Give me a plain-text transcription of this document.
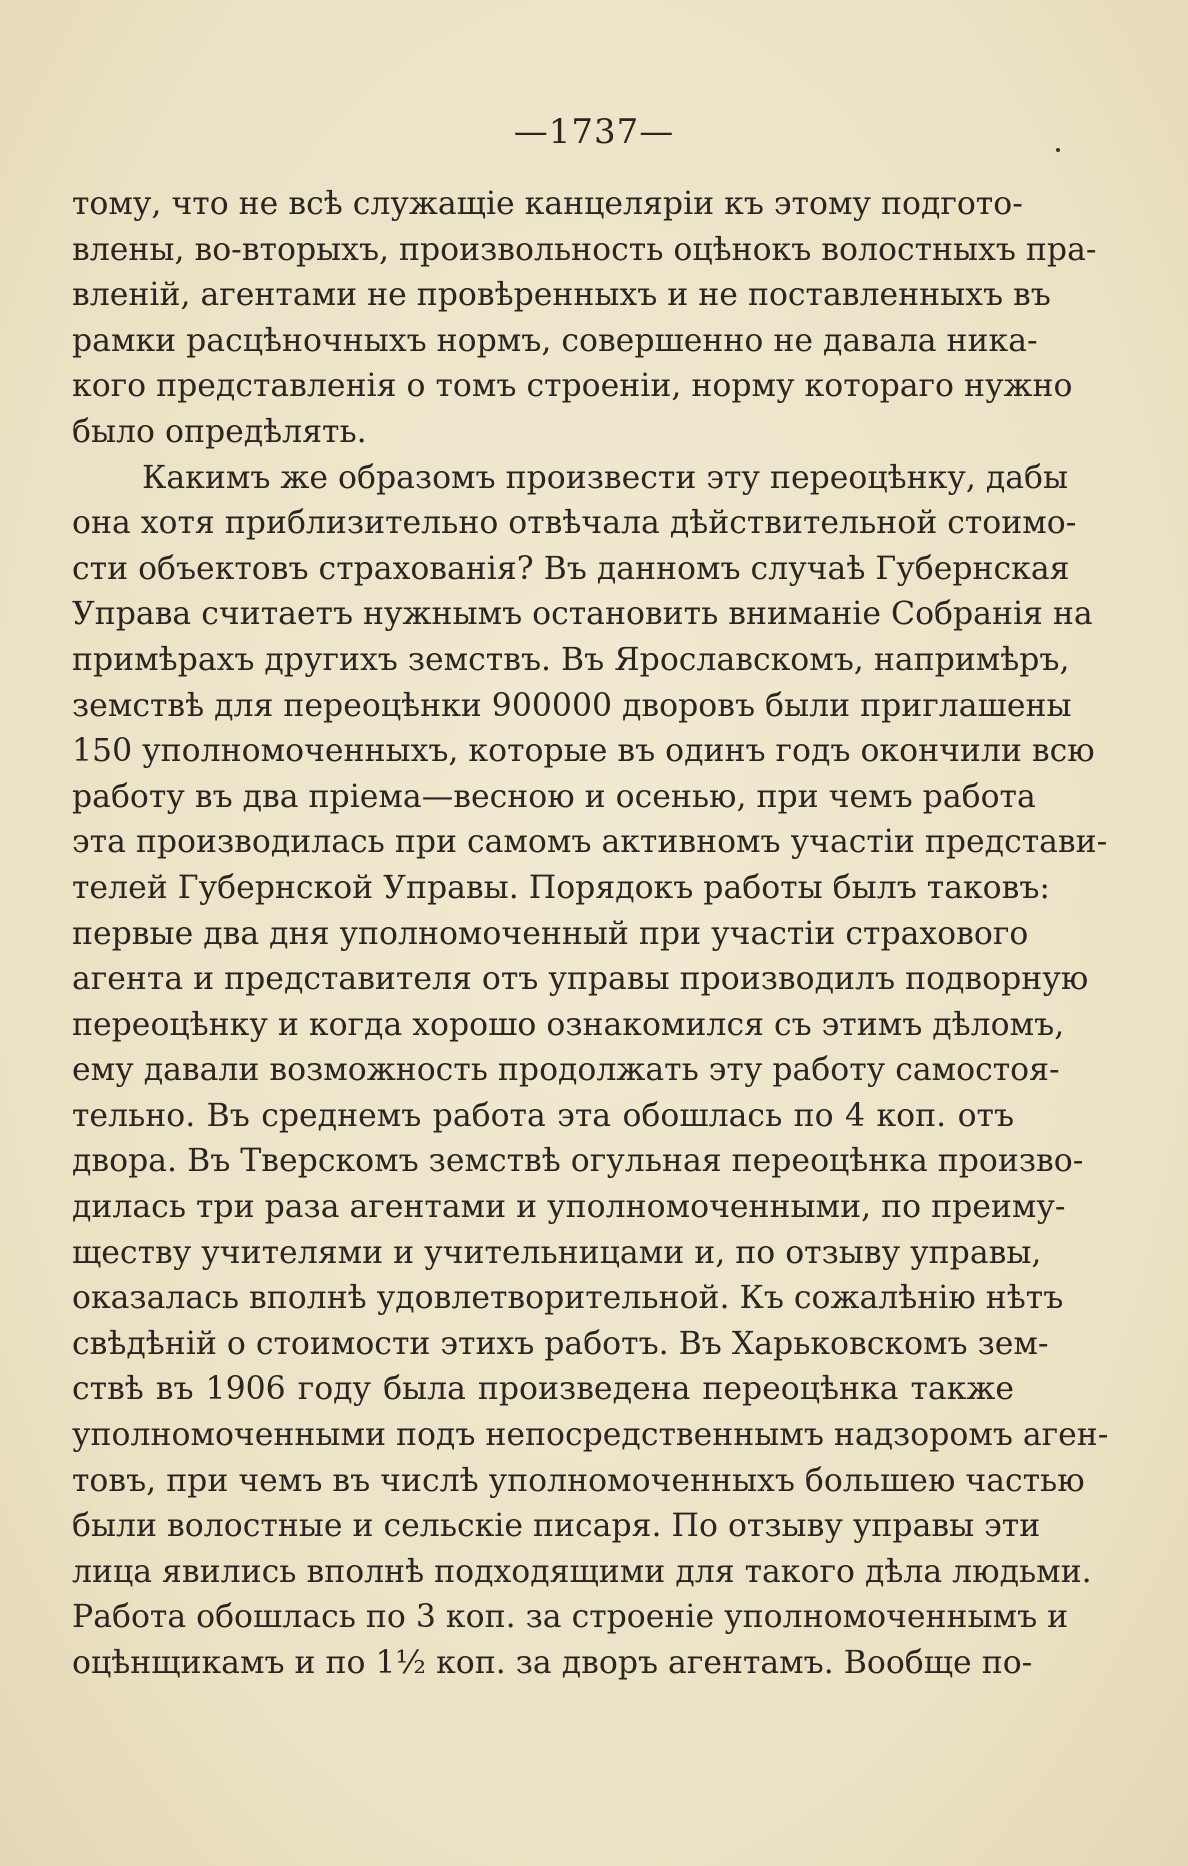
—1737—
тому, что не всѣ служащіе канцеляріи къ этому подгото-
влены, во-вторыхъ, произвольность оцѣнокъ волостныхъ пра-
вленій, агентами не провѣренныхъ и не поставленныхъ въ
рамки расцѣночныхъ нормъ, совершенно не давала ника-
кого представленія о томъ строеніи, норму котораго нужно
было опредѣлять.
Какимъ же образомъ произвести эту переоцѣнку, дабы
она хотя приблизительно отвѣчала дѣйствительной стоимо-
сти объектовъ страхованія? Въ данномъ случаѣ Губернская
Управа считаетъ нужнымъ остановить вниманіе Собранія на
примѣрахъ другихъ земствъ. Въ Ярославскомъ, напримѣръ,
земствѣ для переоцѣнки 900000 дворовъ были приглашены
150 уполномоченныхъ, которые въ одинъ годъ окончили всю
работу въ два пріема—весною и осенью, при чемъ работа
эта производилась при самомъ активномъ участіи представи-
телей Губернской Управы. Порядокъ работы былъ таковъ:
первые два дня уполномоченный при участіи страхового
агента и представителя отъ управы производилъ подворную
переоцѣнку и когда хорошо ознакомился съ этимъ дѣломъ,
ему давали возможность продолжать эту работу самостоя-
тельно. Въ среднемъ работа эта обошлась по 4 коп. отъ
двора. Въ Тверскомъ земствѣ огульная переоцѣнка произво-
дилась три раза агентами и уполномоченными, по преиму-
ществу учителями и учительницами и, по отзыву управы,
оказалась вполнѣ удовлетворительной. Къ сожалѣнію нѣтъ
свѣдѣній о стоимости этихъ работъ. Въ Харьковскомъ зем-
ствѣ въ 1906 году была произведена переоцѣнка также
уполномоченными подъ непосредственнымъ надзоромъ аген-
товъ, при чемъ въ числѣ уполномоченныхъ большею частью
были волостные и сельскіе писаря. По отзыву управы эти
лица явились вполнѣ подходящими для такого дѣла людьми.
Работа обошлась по 3 коп. за строеніе уполномоченнымъ и
оцѣнщикамъ и по 1½ коп. за дворъ агентамъ. Вообще по-
